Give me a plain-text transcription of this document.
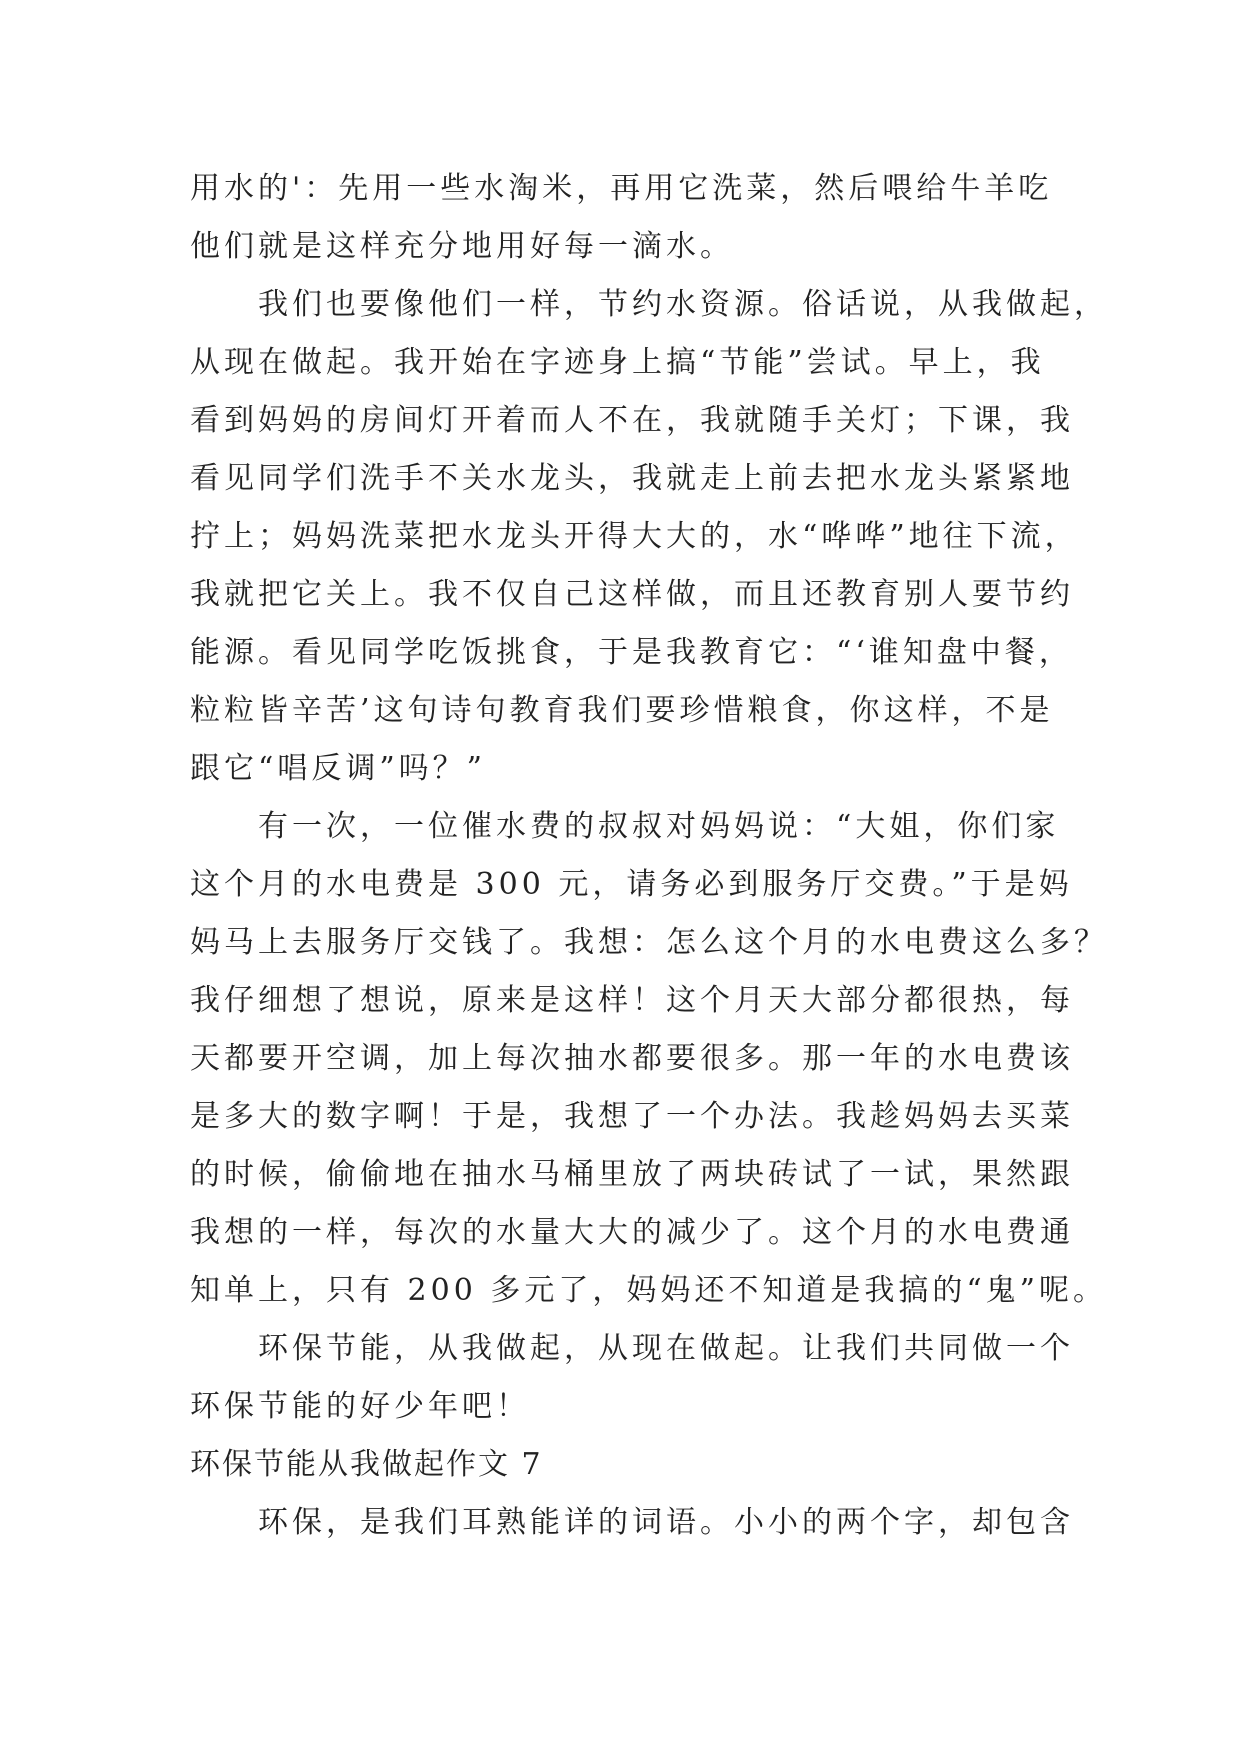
用水的'：先用一些水淘米，再用它洗菜，然后喂给牛羊吃
他们就是这样充分地用好每一滴水。
我们也要像他们一样，节约水资源。俗话说，从我做起，
从现在做起。我开始在字迹身上搞“节能”尝试。早上，我
看到妈妈的房间灯开着而人不在，我就随手关灯；下课，我
看见同学们洗手不关水龙头，我就走上前去把水龙头紧紧地
拧上；妈妈洗菜把水龙头开得大大的，水“哗哗”地往下流，
我就把它关上。我不仅自己这样做，而且还教育别人要节约
能源。看见同学吃饭挑食，于是我教育它：“‘谁知盘中餐，
粒粒皆辛苦’这句诗句教育我们要珍惜粮食，你这样，不是
跟它“唱反调”吗？”
有一次，一位催水费的叔叔对妈妈说：“大姐，你们家
这个月的水电费是 300 元，请务必到服务厅交费。”于是妈
妈马上去服务厅交钱了。我想：怎么这个月的水电费这么多？
我仔细想了想说，原来是这样！这个月天大部分都很热，每
天都要开空调，加上每次抽水都要很多。那一年的水电费该
是多大的数字啊！于是，我想了一个办法。我趁妈妈去买菜
的时候，偷偷地在抽水马桶里放了两块砖试了一试，果然跟
我想的一样，每次的水量大大的减少了。这个月的水电费通
知单上，只有 200 多元了，妈妈还不知道是我搞的“鬼”呢。
环保节能，从我做起，从现在做起。让我们共同做一个
环保节能的好少年吧！
环保节能从我做起作文 7
环保，是我们耳熟能详的词语。小小的两个字，却包含
